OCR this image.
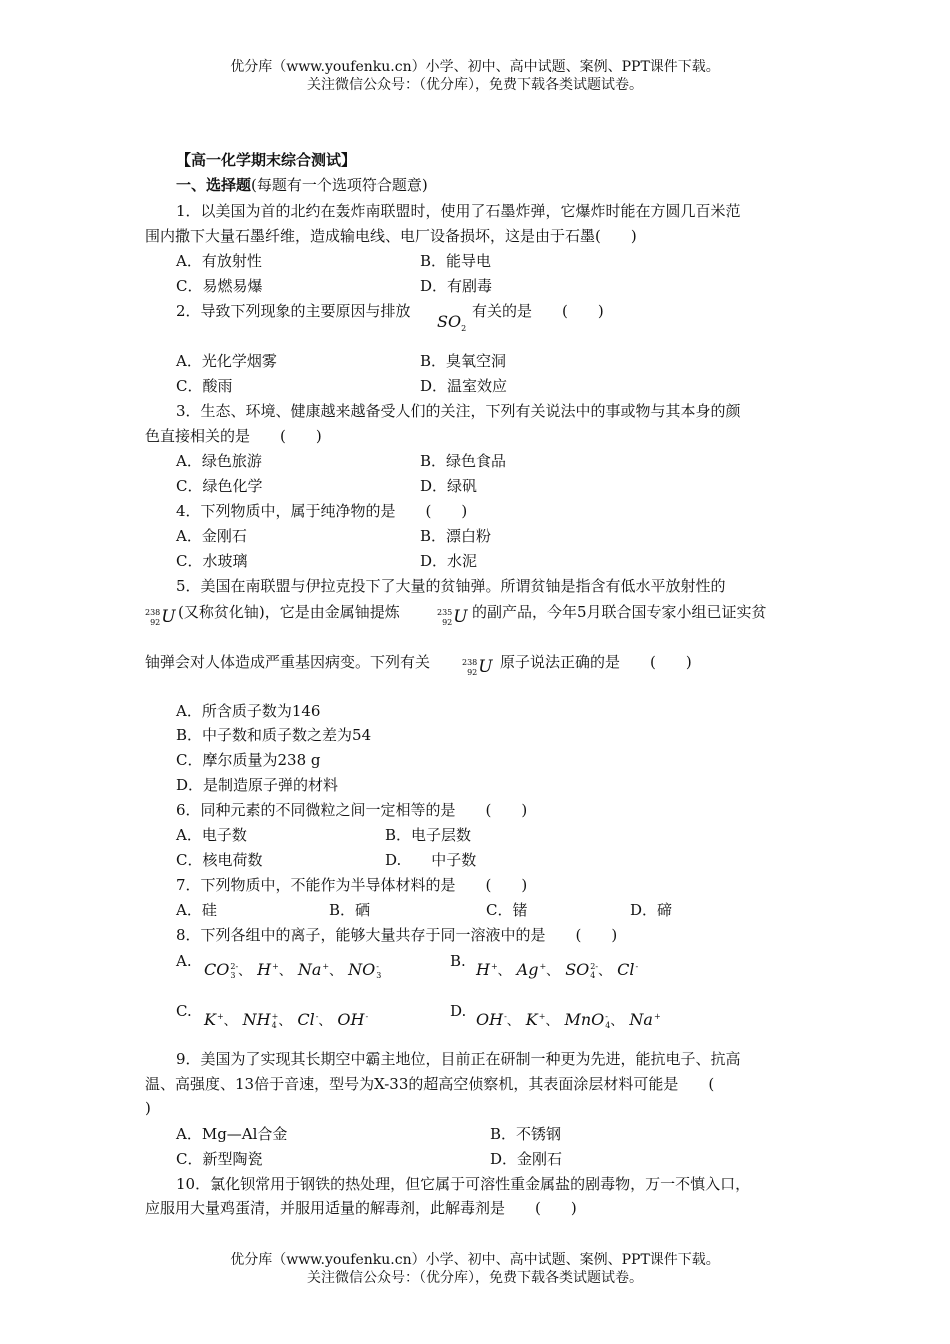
优分库（www.youfenku.cn）小学、初中、高中试题、案例、PPT课件下载。
关注微信公众号：（优分库），免费下载各类试题试卷。
【高一化学期末综合测试】
一、选择题(每题有一个选项符合题意)
1．以美国为首的北约在轰炸南联盟时，使用了石墨炸弹，它爆炸时能在方圆几百米范
围内撒下大量石墨纤维，造成输电线、电厂设备损坏，这是由于石墨(　　)
A．有放射性	B．能导电
C．易燃易爆	D．有剧毒
2．导致下列现象的主要原因与排放
$SO_2$
有关的是　　(　　)
A．光化学烟雾	B．臭氧空洞
C．酸雨	D．温室效应
3．生态、环境、健康越来越备受人们的关注，下列有关说法中的事或物与其本身的颜
色直接相关的是　　(　　)
A．绿色旅游	B．绿色食品
C．绿色化学	D．绿矾
4．下列物质中，属于纯净物的是　　(　　)
A．金刚石	B．漂白粉
C．水玻璃	D．水泥
5．美国在南联盟与伊拉克投下了大量的贫铀弹。所谓贫铀是指含有低水平放射性的
238
92U (又称贫化铀)，它是由金属铀提炼	235
92U 的副产品，今年5月联合国专家小组已证实贫
铀弹会对人体造成严重基因病变。下列有关	238
92U 原子说法正确的是　　(　　)
A．所含质子数为146
B．中子数和质子数之差为54
C．摩尔质量为238 g
D．是制造原子弹的材料
6．同种元素的不同微粒之间一定相等的是　　(　　)
A．电子数	B．电子层数
C．核电荷数	D.　　中子数
7．下列物质中，不能作为半导体材料的是　　(　　)
A．硅	B．硒	C．锗	D．碲
8．下列各组中的离子，能够大量共存于同一溶液中的是　　(　　)
A. CO2-
3 、 H+
、 Na+
、 NO-
3
B. H+
、 Ag+
、 SO2-
4 、 Cl-

C. K+
、 NH+
4 、 Cl-
、 OH-
	D. OH-
、 K+
、 MnO-
4、 Na+

9．美国为了实现其长期空中霸主地位，目前正在研制一种更为先进，能抗电子、抗高
温、高强度、13倍于音速，型号为X-33的超高空侦察机，其表面涂层材料可能是　　(
)
A．Mg—Al合金	B．不锈钢
C．新型陶瓷	D．金刚石
10．氯化钡常用于钢铁的热处理，但它属于可溶性重金属盐的剧毒物，万一不慎入口，
应服用大量鸡蛋清，并服用适量的解毒剂，此解毒剂是　　(　　)
优分库（www.youfenku.cn）小学、初中、高中试题、案例、PPT课件下载。
关注微信公众号：（优分库），免费下载各类试题试卷。
